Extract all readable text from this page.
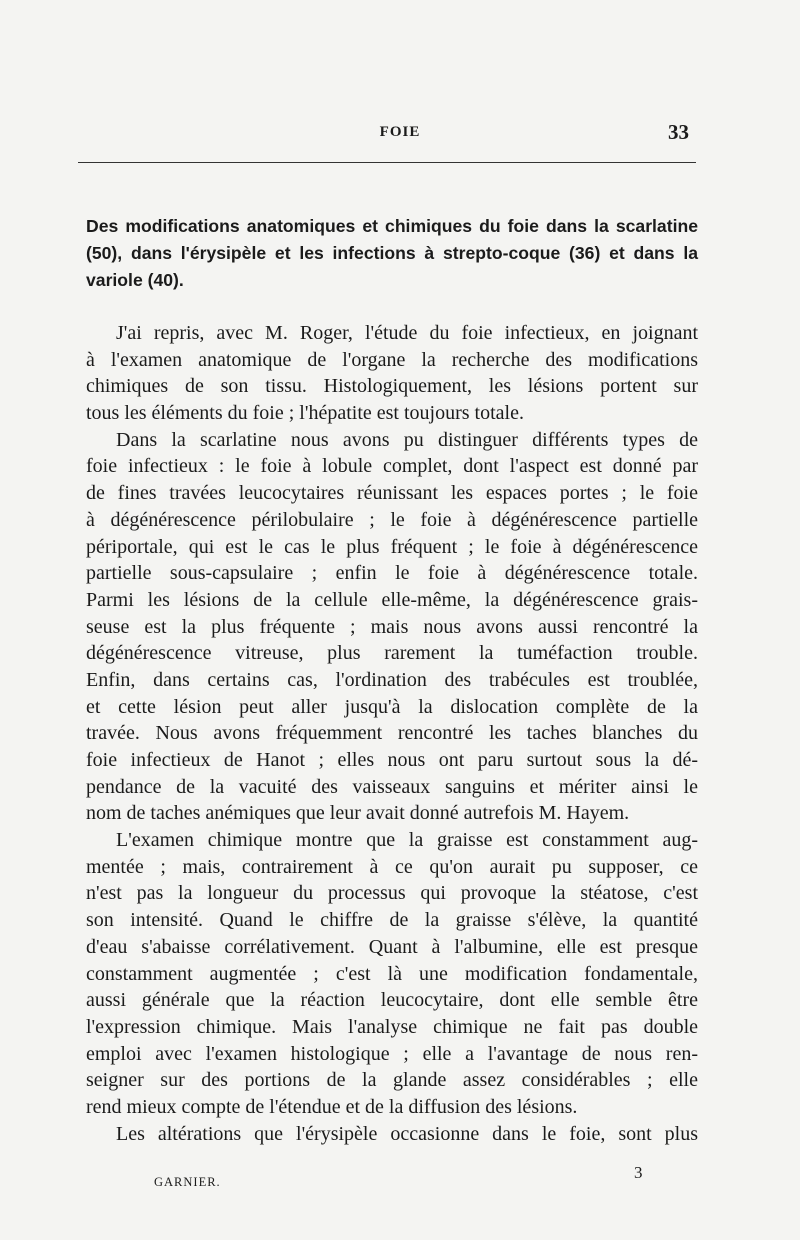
FOIE	33
Des modifications anatomiques et chimiques du foie dans la scarlatine (50), dans l'érysipèle et les infections à strepto-coque (36) et dans la variole (40).
J'ai repris, avec M. Roger, l'étude du foie infectieux, en joignant
à l'examen anatomique de l'organe la recherche des modifications
chimiques de son tissu. Histologiquement, les lésions portent sur
tous les éléments du foie ; l'hépatite est toujours totale.
Dans la scarlatine nous avons pu distinguer différents types de
foie infectieux : le foie à lobule complet, dont l'aspect est donné par
de fines travées leucocytaires réunissant les espaces portes ; le foie
à dégénérescence périlobulaire ; le foie à dégénérescence partielle
périportale, qui est le cas le plus fréquent ; le foie à dégénérescence
partielle sous-capsulaire ; enfin le foie à dégénérescence totale.
Parmi les lésions de la cellule elle-même, la dégénérescence grais-
seuse est la plus fréquente ; mais nous avons aussi rencontré la
dégénérescence vitreuse, plus rarement la tuméfaction trouble.
Enfin, dans certains cas, l'ordination des trabécules est troublée,
et cette lésion peut aller jusqu'à la dislocation complète de la
travée. Nous avons fréquemment rencontré les taches blanches du
foie infectieux de Hanot ; elles nous ont paru surtout sous la dé-
pendance de la vacuité des vaisseaux sanguins et mériter ainsi le
nom de taches anémiques que leur avait donné autrefois M. Hayem.
L'examen chimique montre que la graisse est constamment aug-
mentée ; mais, contrairement à ce qu'on aurait pu supposer, ce
n'est pas la longueur du processus qui provoque la stéatose, c'est
son intensité. Quand le chiffre de la graisse s'élève, la quantité
d'eau s'abaisse corrélativement. Quant à l'albumine, elle est presque
constamment augmentée ; c'est là une modification fondamentale,
aussi générale que la réaction leucocytaire, dont elle semble être
l'expression chimique. Mais l'analyse chimique ne fait pas double
emploi avec l'examen histologique ; elle a l'avantage de nous ren-
seigner sur des portions de la glande assez considérables ; elle
rend mieux compte de l'étendue et de la diffusion des lésions.
Les altérations que l'érysipèle occasionne dans le foie, sont plus
GARNIER.	3
